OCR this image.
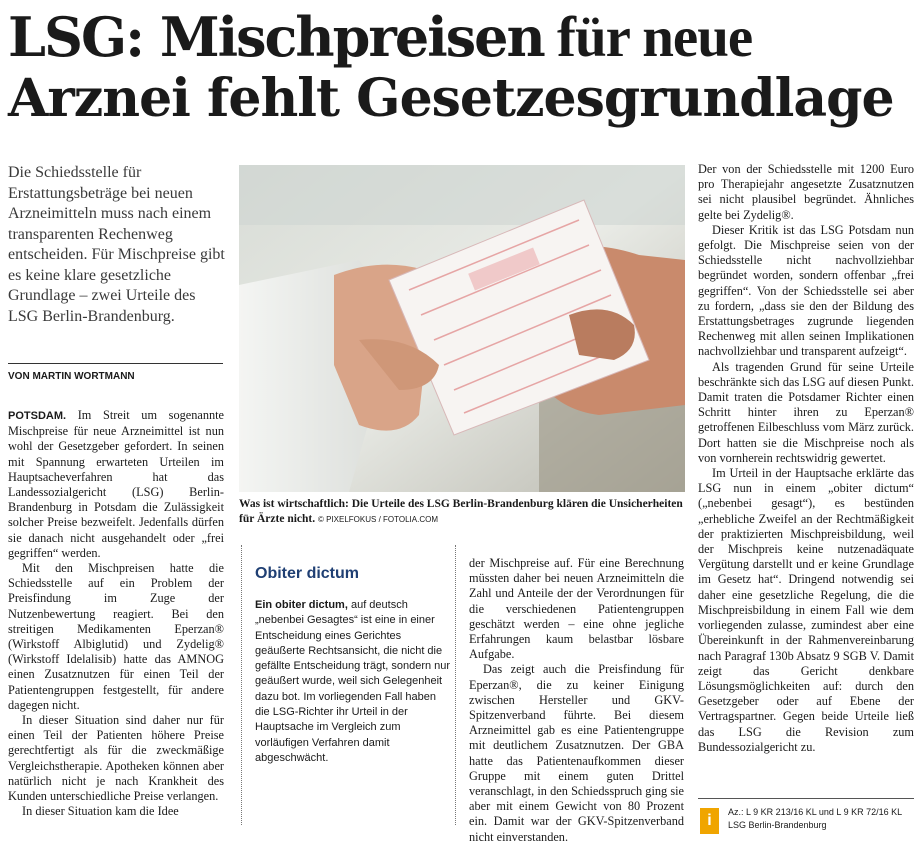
LSG: Mischpreisen für neue
Arznei fehlt Gesetzesgrundlage
Die Schiedsstelle für Erstattungsbeträge bei neuen Arzneimitteln muss nach einem transparenten Rechenweg entscheiden. Für Mischpreise gibt es keine klare gesetzliche Grundlage – zwei Urteile des LSG Berlin-Brandenburg.
VON MARTIN WORTMANN

POTSDAM. Im Streit um sogenannte Mischpreise für neue Arzneimittel ist nun wohl der Gesetzgeber gefordert. In seinen mit Spannung erwarteten Urteilen im Hauptsacheverfahren hat das Landessozialgericht (LSG) Berlin-Brandenburg in Potsdam die Zulässigkeit solcher Preise bezweifelt. Jedenfalls dürfen sie danach nicht ausgehandelt oder „frei gegriffen“ werden.

Mit den Mischpreisen hatte die Schiedsstelle auf ein Problem der Preisfindung im Zuge der Nutzenbewertung reagiert. Bei den streitigen Medikamenten Eperzan® (Wirkstoff Albiglutid) und Zydelig® (Wirkstoff Idelalisib) hatte das AMNOG einen Zusatznutzen für einen Teil der Patientengruppen festgestellt, für andere dagegen nicht.

In dieser Situation sind daher nur für einen Teil der Patienten höhere Preise gerechtfertigt als für die zweckmäßige Vergleichstherapie. Apotheken können aber natürlich nicht je nach Krankheit des Kunden unterschiedliche Preise verlangen.

In dieser Situation kam die Idee

Was ist wirtschaftlich: Die Urteile des LSG Berlin-Brandenburg klären die Unsicherheiten für Ärzte nicht. © PIXELFOKUS / FOTOLIA.COM
Obiter dictum
Ein obiter dictum, auf deutsch „nebenbei Gesagtes“ ist eine in einer Entscheidung eines Gerichtes geäußerte Rechtsansicht, die nicht die gefällte Entscheidung trägt, sondern nur geäußert wurde, weil sich Gelegenheit dazu bot. Im vorliegenden Fall haben die LSG-Richter ihr Urteil in der Hauptsache im Vergleich zum vorläufigen Verfahren damit abgeschwächt.

der Mischpreise auf. Für eine Berechnung müssten daher bei neuen Arzneimitteln die Zahl und Anteile der der Verordnungen für die verschiedenen Patientengruppen geschätzt werden – eine ohne jegliche Erfahrungen kaum belastbar lösbare Aufgabe.

Das zeigt auch die Preisfindung für Eperzan®, die zu keiner Einigung zwischen Hersteller und GKV-Spitzenverband führte. Bei diesem Arzneimittel gab es eine Patientengruppe mit deutlichem Zusatznutzen. Der GBA hatte das Patientenaufkommen dieser Gruppe mit einem guten Drittel veranschlagt, in den Schiedsspruch ging sie aber mit einem Gewicht von 80 Prozent ein. Damit war der GKV-Spitzenverband nicht einverstanden.

Der von der Schiedsstelle mit 1200 Euro pro Therapiejahr angesetzte Zusatznutzen sei nicht plausibel begründet. Ähnliches gelte bei Zydelig®.

Dieser Kritik ist das LSG Potsdam nun gefolgt. Die Mischpreise seien von der Schiedsstelle nicht nachvollziehbar begründet worden, sondern offenbar „frei gegriffen“. Von der Schiedsstelle sei aber zu fordern, „dass sie den der Bildung des Erstattungsbetrages zugrunde liegenden Rechenweg mit allen seinen Implikationen nachvollziehbar und transparent aufzeigt“.

Als tragenden Grund für seine Urteile beschränkte sich das LSG auf diesen Punkt. Damit traten die Potsdamer Richter einen Schritt hinter ihren zu Eperzan® getroffenen Eilbeschluss vom März zurück. Dort hatten sie die Mischpreise noch als von vornherein rechtswidrig gewertet.

Im Urteil in der Hauptsache erklärte das LSG nun in einem „obiter dictum“ („nebenbei gesagt“), es bestünden „erhebliche Zweifel an der Rechtmäßigkeit der praktizierten Mischpreisbildung, weil der Mischpreis keine nutzenadäquate Vergütung darstellt und er keine Grundlage im Gesetz hat“. Dringend notwendig sei daher eine gesetzliche Regelung, die die Mischpreisbildung in einem Fall wie dem vorliegenden zulasse, zumindest aber eine Übereinkunft in der Rahmenvereinbarung nach Paragraf 130b Absatz 9 SGB V. Damit zeigt das Gericht denkbare Lösungsmöglichkeiten auf: durch den Gesetzgeber oder auf Ebene der Vertragspartner. Gegen beide Urteile ließ das LSG die Revision zum Bundessozialgericht zu.

i	Az.: L 9 KR 213/16 KL und L 9 KR 72/16 KL
LSG Berlin-Brandenburg
